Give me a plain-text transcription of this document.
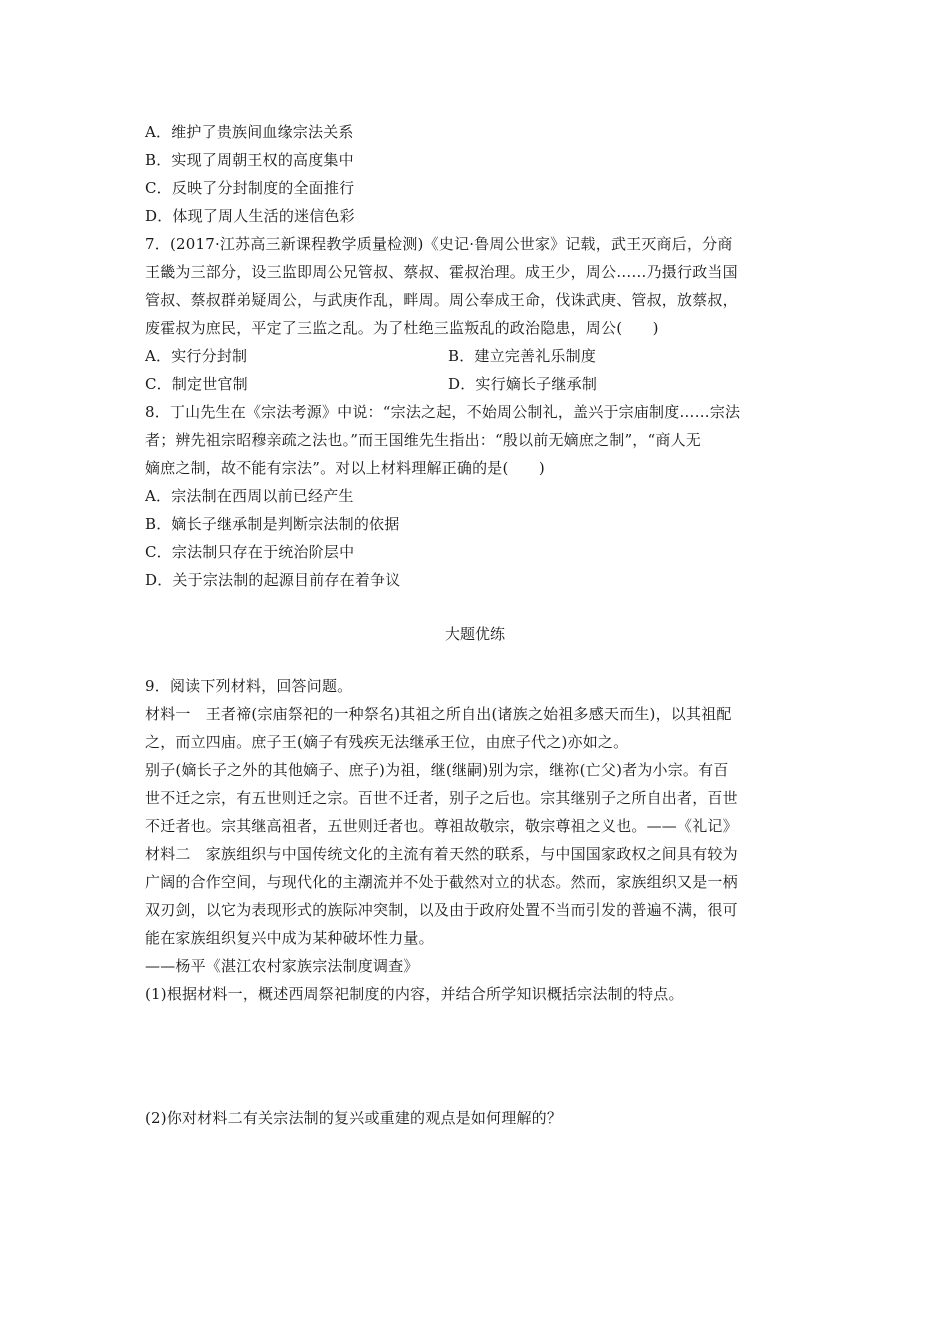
A．维护了贵族间血缘宗法关系
B．实现了周朝王权的高度集中
C．反映了分封制度的全面推行
D．体现了周人生活的迷信色彩
7．(2017·江苏高三新课程教学质量检测)《史记·鲁周公世家》记载，武王灭商后，分商
王畿为三部分，设三监即周公兄管叔、蔡叔、霍叔治理。成王少，周公……乃摄行政当国
管叔、蔡叔群弟疑周公，与武庚作乱，畔周。周公奉成王命，伐诛武庚、管叔，放蔡叔，
废霍叔为庶民，平定了三监之乱。为了杜绝三监叛乱的政治隐患，周公(　　)
A．实行分封制	B．建立完善礼乐制度
C．制定世官制	D．实行嫡长子继承制
8．丁山先生在《宗法考源》中说：“宗法之起，不始周公制礼，盖兴于宗庙制度……宗法
者；辨先祖宗昭穆亲疏之法也。”而王国维先生指出：“殷以前无嫡庶之制”，“商人无
嫡庶之制，故不能有宗法”。对以上材料理解正确的是(　　)
A．宗法制在西周以前已经产生
B．嫡长子继承制是判断宗法制的依据
C．宗法制只存在于统治阶层中
D．关于宗法制的起源目前存在着争议
大题优练
9．阅读下列材料，回答问题。
材料一　王者禘(宗庙祭祀的一种祭名)其祖之所自出(诸族之始祖多感天而生)，以其祖配
之，而立四庙。庶子王(嫡子有残疾无法继承王位，由庶子代之)亦如之。
别子(嫡长子之外的其他嫡子、庶子)为祖，继(继嗣)别为宗，继祢(亡父)者为小宗。有百
世不迁之宗，有五世则迁之宗。百世不迁者，别子之后也。宗其继别子之所自出者，百世
不迁者也。宗其继高祖者，五世则迁者也。尊祖故敬宗，敬宗尊祖之义也。——《礼记》
材料二　家族组织与中国传统文化的主流有着天然的联系，与中国国家政权之间具有较为
广阔的合作空间，与现代化的主潮流并不处于截然对立的状态。然而，家族组织又是一柄
双刃剑，以它为表现形式的族际冲突制，以及由于政府处置不当而引发的普遍不满，很可
能在家族组织复兴中成为某种破坏性力量。
——杨平《湛江农村家族宗法制度调查》
(1)根据材料一，概述西周祭祀制度的内容，并结合所学知识概括宗法制的特点。
(2)你对材料二有关宗法制的复兴或重建的观点是如何理解的？
